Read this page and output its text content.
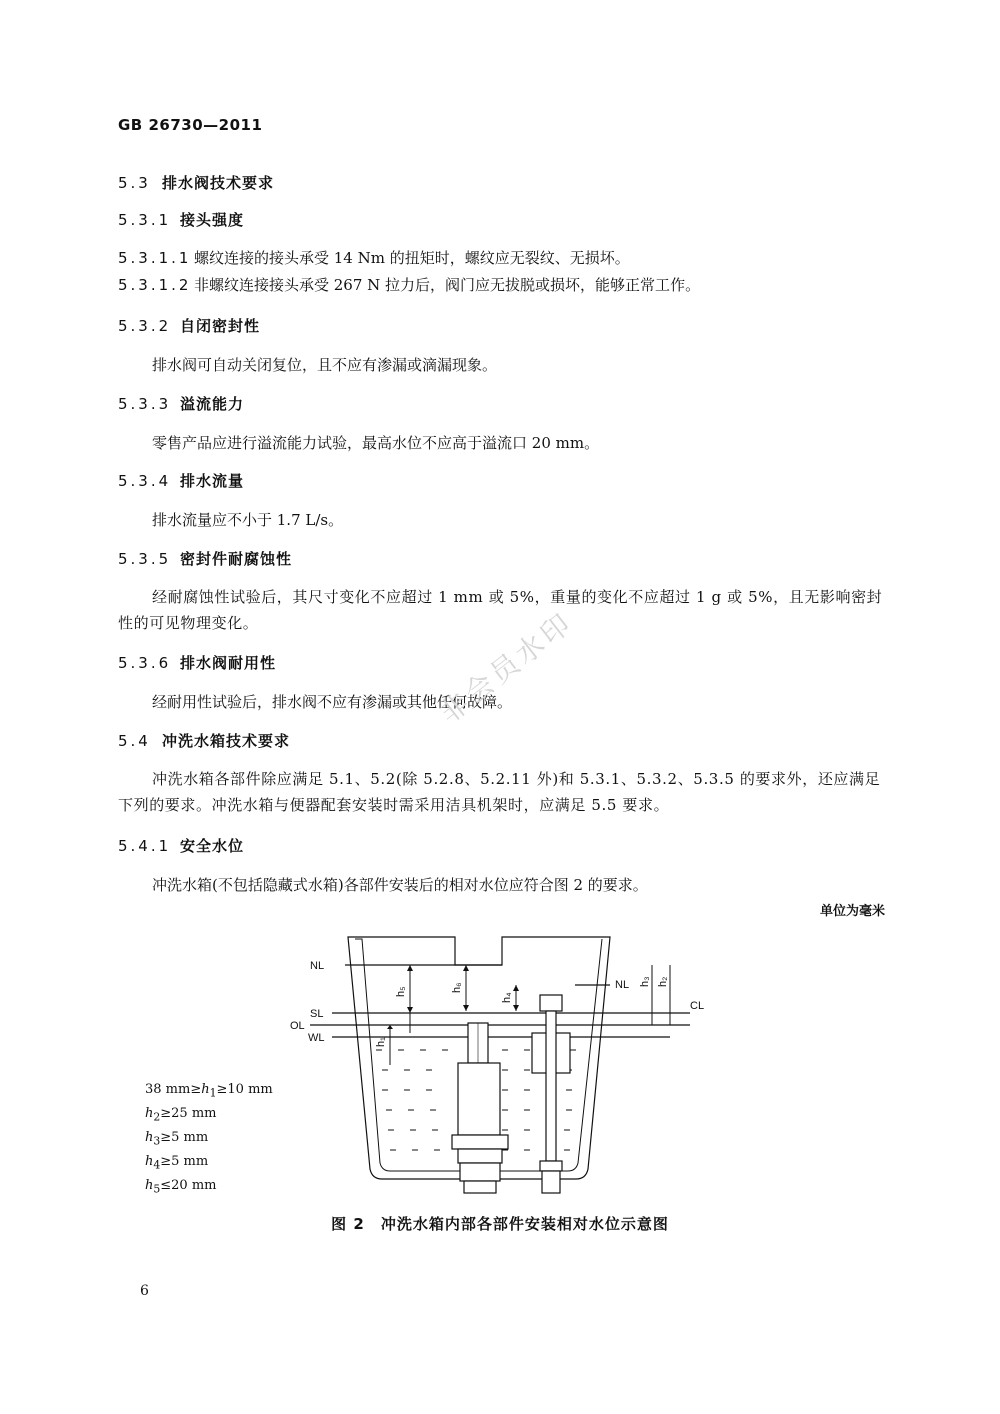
GB 26730—2011
5.3 排水阀技术要求
5.3.1 接头强度
5.3.1.1 螺纹连接的接头承受 14 Nm 的扭矩时，螺纹应无裂纹、无损坏。
5.3.1.2 非螺纹连接接头承受 267 N 拉力后，阀门应无拔脱或损坏，能够正常工作。
5.3.2 自闭密封性
排水阀可自动关闭复位，且不应有渗漏或滴漏现象。
5.3.3 溢流能力
零售产品应进行溢流能力试验，最高水位不应高于溢流口 20 mm。
5.3.4 排水流量
排水流量应不小于 1.7 L/s。
5.3.5 密封件耐腐蚀性
经耐腐蚀性试验后，其尺寸变化不应超过 1 mm 或 5%，重量的变化不应超过 1 g 或 5%，且无影响密封性的可见物理变化。
5.3.6 排水阀耐用性
经耐用性试验后，排水阀不应有渗漏或其他任何故障。
5.4 冲洗水箱技术要求
冲洗水箱各部件除应满足 5.1、5.2(除 5.2.8、5.2.11 外)和 5.3.1、5.3.2、5.3.5 的要求外，还应满足下列的要求。冲洗水箱与便器配套安装时需采用洁具机架时，应满足 5.5 要求。
5.4.1 安全水位
冲洗水箱(不包括隐藏式水箱)各部件安装后的相对水位应符合图 2 的要求。
单位为毫米
非会员水印
38 $mm\ge h_1\ge 10$ mm
$h_2\ge 25$ mm
$h_3\ge 5$ mm
$h_4\ge 5$ mm
$h_5\le 20$ mm
NL
SL
OL
WL
NL
CL
h₅	h₆
h₄
h₃ h₂
h₁
图 2　冲洗水箱内部各部件安装相对水位示意图
6
